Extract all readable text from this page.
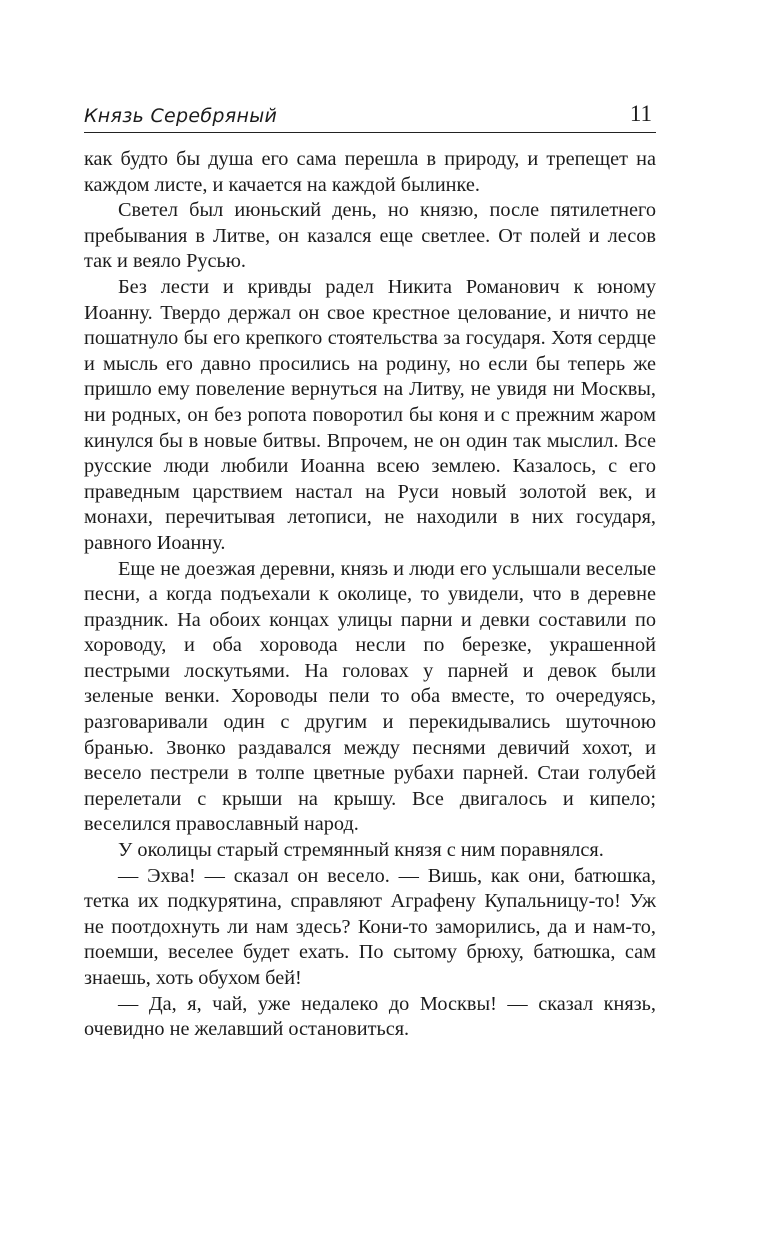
Князь Серебряный	11

как будто бы душа его сама перешла в природу, и трепещет на каждом листе, и качается на каждой былинке.

Светел был июньский день, но князю, после пятилетнего пребывания в Литве, он казался еще светлее. От полей и лесов так и веяло Русью.

Без лести и кривды радел Никита Романович к юному Иоанну. Твердо держал он свое крестное целование, и ничто не пошатнуло бы его крепкого стоятельства за государя. Хотя сердце и мысль его давно просились на родину, но если бы теперь же пришло ему повеление вернуться на Литву, не увидя ни Москвы, ни родных, он без ропота поворотил бы коня и с прежним жаром кинулся бы в новые битвы. Впрочем, не он один так мыслил. Все русские люди любили Иоанна всею землею. Казалось, с его праведным царствием настал на Руси новый золотой век, и монахи, перечитывая летописи, не находили в них государя, равного Иоанну.

Еще не доезжая деревни, князь и люди его услышали веселые песни, а когда подъехали к околице, то увидели, что в деревне праздник. На обоих концах улицы парни и девки составили по хороводу, и оба хоровода несли по березке, украшенной пестрыми лоскутьями. На головах у парней и девок были зеленые венки. Хороводы пели то оба вместе, то очередуясь, разговаривали один с другим и перекидывались шуточною бранью. Звонко раздавался между песнями девичий хохот, и весело пестрели в толпе цветные рубахи парней. Стаи голубей перелетали с крыши на крышу. Все двигалось и кипело; веселился православный народ.

У околицы старый стремянный князя с ним поравнялся.

— Эхва! — сказал он весело. — Вишь, как они, батюшка, тетка их подкурятина, справляют Аграфену Купальницу-то! Уж не поотдохнуть ли нам здесь? Кони-то заморились, да и нам-то, поемши, веселее будет ехать. По сытому брюху, батюшка, сам знаешь, хоть обухом бей!

— Да, я, чай, уже недалеко до Москвы! — сказал князь, очевидно не желавший остановиться.
